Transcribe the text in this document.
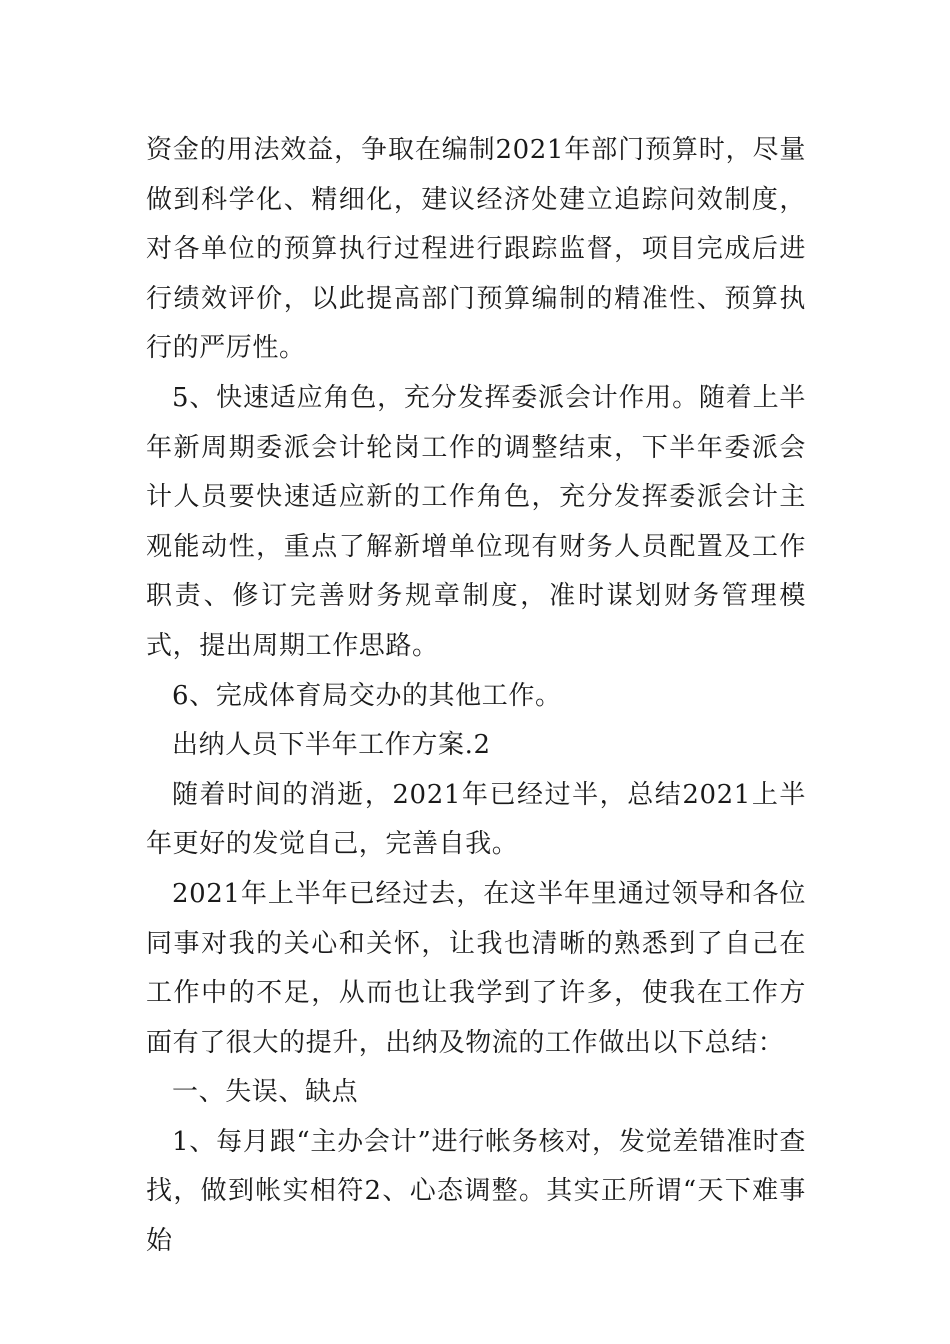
资金的用法效益，争取在编制2021年部门预算时，尽量做到科学化、精细化，建议经济处建立追踪问效制度，对各单位的预算执行过程进行跟踪监督，项目完成后进行绩效评价，以此提高部门预算编制的精准性、预算执行的严厉性。

5、快速适应角色，充分发挥委派会计作用。随着上半年新周期委派会计轮岗工作的调整结束，下半年委派会计人员要快速适应新的工作角色，充分发挥委派会计主观能动性，重点了解新增单位现有财务人员配置及工作职责、修订完善财务规章制度，准时谋划财务管理模式，提出周期工作思路。

6、完成体育局交办的其他工作。

出纳人员下半年工作方案.2

随着时间的消逝，2021年已经过半，总结2021上半年更好的发觉自己，完善自我。

2021年上半年已经过去，在这半年里通过领导和各位同事对我的关心和关怀，让我也清晰的熟悉到了自己在工作中的不足，从而也让我学到了许多，使我在工作方面有了很大的提升，出纳及物流的工作做出以下总结：

一、失误、缺点

1、每月跟“主办会计”进行帐务核对，发觉差错准时查找，做到帐实相符2、心态调整。其实正所谓“天下难事始
